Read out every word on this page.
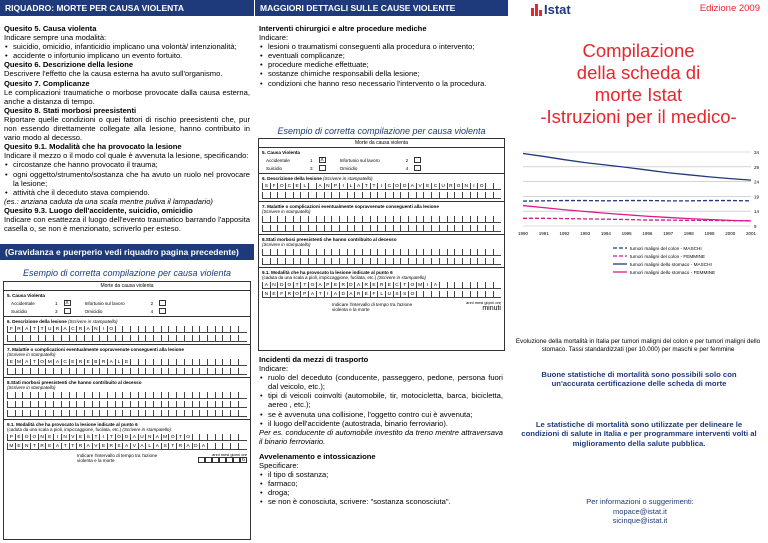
RIQUADRO: MORTE PER CAUSA VIOLENTA
Quesito 5. Causa violenta
Indicare sempre una modalità:
• suicidio, omicidio, infanticidio implicano una volontà/ intenzionalità;
• accidente o infortunio implicano un evento fortuito.
Quesito 6. Descrizione della lesione
Descrivere l'effetto che la causa esterna ha avuto sull'organismo.
Quesito 7. Complicanze
Le complicazioni traumatiche o morbose provocate dalla causa esterna, anche a distanza di tempo.
Quesito 8. Stati morbosi preesistenti
Riportare quelle condizioni o quei fattori di rischio preesistenti che, pur non essendo direttamente collegate alla lesione, hanno contribuito in vario modo al decesso.
Quesito 9.1. Modalità che ha provocato la lesione
Indicare il mezzo o il modo col quale è avvenuta la lesione, specificando:
• circostanze che hanno provocato il trauma;
• ogni oggetto/strumento/sostanza che ha avuto un ruolo nel provocare la lesione;
• attività che il deceduto stava compiendo.
(es.: anziana caduta da una scala mentre puliva il lampadario)
Quesito 9.3. Luogo dell'accidente, suicidio, omicidio
Indicare con esattezza il luogo dell'evento traumatico barrando l'apposita casella o, se non è menzionato, scriverlo per esteso.
(Gravidanza e puerperio vedi riquadro pagina precedente)
Esempio di corretta compilazione per causa violenta
Morte da causa violenta
5. Causa Violenta
Accidentale	1	X	Infortunio sul lavoro	2
Suicidio	3	Omicidio	4
6. Descrizione della lesione (Scrivere in stampatello)
F R A T T U R A C R A N	I	O
7. Malattie o complicazioni eventualmente sopravvenute conseguenti alla lesione
(Scrivere in stampatello)
E M A T O M A C E R E B R A L E
8.Stati morbosi preesistenti che hanno contribuito al decesso
(Scrivere in stampatello)
9.1. Modalità che ha provocato la lesione indicate al punto 6
(caduta da una scala a pioli, impiccaggione, fucilata, etc.) (Scrivere in stampatello)
P E D O N E	I	N V E S T	I	T O D A U N A M O T O
M E N T R E A T T R A V E R S A V A L A S T R A D A
Indicare l'intervallo di tempo tra l'azione violenta e la morte
anni mesi giorni ore
6
MAGGIORI DETTAGLI SULLE CAUSE VIOLENTE
Interventi chirurgici e altre procedure mediche
Indicare:
• lesioni o traumatismi conseguenti alla procedura o intervento;
• eventuali complicanze;
• procedure mediche effettuate;
• sostanze chimiche responsabili della lesione;
• condizioni che hanno reso necessario l'intervento o la procedura.
Esempio di corretta compilazione per causa violenta
Morte da causa violenta
5. Causa Violenta
Accidentale	1	X	Infortunio sul lavoro	2
Suicidio	3	Omicidio	4
6. Descrizione della lesione (Scrivere in stampatello)
S F O C E L	A N P	I	L A T T	I	C O D A V E C U R O N	I	O
7. Malattie o complicazioni eventualmente sopravvenute conseguenti alla lesione
(Scrivere in stampatello)
8.Stati morbosi preesistenti che hanno contribuito al decesso
(Scrivere in stampatello)
9.1. Modalità che ha provocato la lesione indicate al punto 6
(caduta da una scala a pioli, impiccaggione, fucilata, etc.) (Scrivere in stampatello)
A N D O T T O A P E R D A R E R E C T O M	I	A
N E F R O P A T	I	A D A R E F	L U S S O
Indicare l'intervallo di tempo tra l'azione violenta e la morte
anni mesi giorni ore
minuti
Incidenti da mezzi di trasporto
Indicare:
• ruolo del deceduto (conducente, passeggero, pedone, persona fuori dal veicolo, etc.);
• tipi di veicoli coinvolti (automobile, tir, motocicletta, barca, bicicletta, aereo , etc.);
• se è avvenuta una collisione, l'oggetto contro cui è avvenuta;
• il luogo dell'accidente (autostrada, binario ferroviario).
Per es. conducente di automobile investito da treno mentre attraversava il binario ferroviario.
Avvelenamento e intossicazione
Specificare:
• il tipo di sostanza;
• farmaco;
• droga;
• se non è conosciuta, scrivere: "sostanza sconosciuta".
Istat	Edizione 2009
Compilazione
della scheda di
morte Istat
-Istruzioni per il medico-
9
14
19
24
29
34
1990 1991 1992 1993 1994 1995 1996 1997 1998 1999 2000 2001
tumori maligni del colon - MASCHI
tumori maligni del colon - FEMMINE
tumori maligni dello stomaco - MASCHI
tumori maligni dello stomaco - FEMMINE
Evoluzione della mortalità in Italia per tumori maligni del colon e per tumori maligni dello stomaco. Tassi standardizzati (per 10.000) per maschi e per femmine
Buone statistiche di mortalità sono possibili solo con un'accurata certificazione delle scheda di morte
Le statistiche di mortalità sono utilizzate per delineare le condizioni di salute in Italia e per programmare interventi volti al miglioramento della salute pubblica.
Per informazioni o suggerimenti:
mopace@istat.it
sicinque@istat.it
